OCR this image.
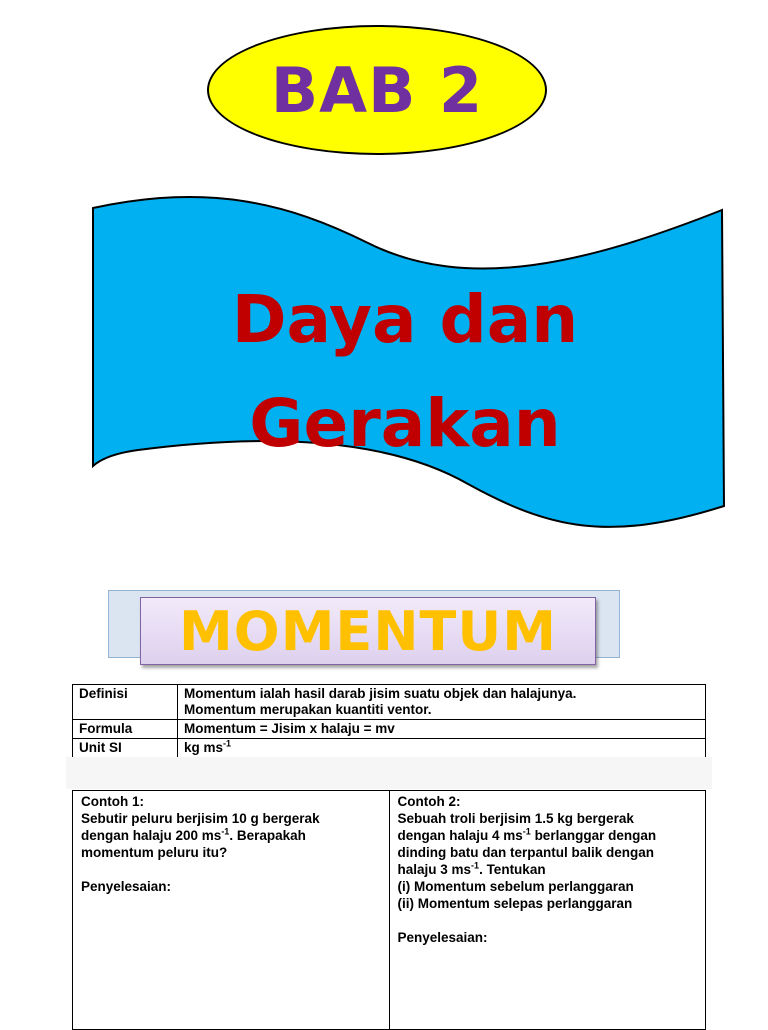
BAB 2
Daya dan
Gerakan
MOMENTUM
Definisi	Momentum ialah hasil darab jisim suatu objek dan halajunya.
Momentum merupakan kuantiti ventor.

Formula	Momentum = Jisim x halaju = mv
Unit SI	kg $ms^{-1}$
Contoh 1:
Sebutir peluru berjisim 10 g bergerak
dengan halaju 200 $ms^{-1}$. Berapakah
momentum peluru itu?
Penyelesaian:

Contoh 2:
Sebuah troli berjisim 1.5 kg bergerak
dengan halaju 4 $ms^{-1}$ berlanggar dengan
dinding batu dan terpantul balik dengan
halaju 3 $ms^{-1}$. Tentukan
(i) Momentum sebelum perlanggaran
(ii) Momentum selepas perlanggaran
Penyelesaian:
